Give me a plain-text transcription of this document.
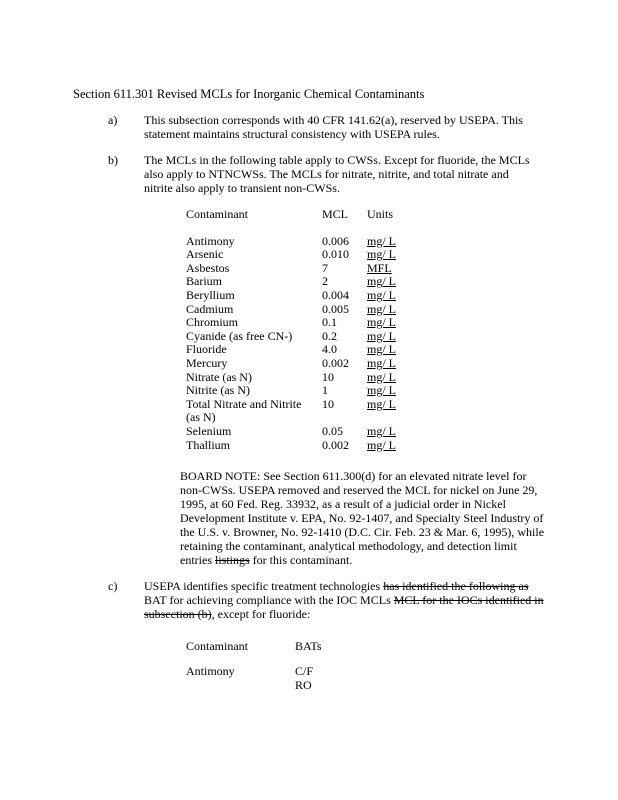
Section 611.301 Revised MCLs for Inorganic Chemical Contaminants
a)	This subsection corresponds with 40 CFR 141.62(a), reserved by USEPA. This statement maintains structural consistency with USEPA rules.
b)	The MCLs in the following table apply to CWSs. Except for fluoride, the MCLs also apply to NTNCWSs. The MCLs for nitrate, nitrite, and total nitrate and nitrite also apply to transient non-CWSs.
Contaminant	MCL Units
Antimony	0.006 mg/ L
Arsenic	0.010 mg/ L
Asbestos	7	MFL
Barium	2	mg/ L
Beryllium	0.004 mg/ L
Cadmium	0.005 mg/ L
Chromium	0.1	mg/ L
Cyanide (as free CN-) 0.2	mg/ L
Fluoride	4.0	mg/ L
Mercury	0.002 mg/ L
Nitrate (as N)	10	mg/ L
Nitrite (as N)	1	mg/ L
Total Nitrate and Nitrite 10	mg/ L
(as N)
Selenium	0.05 mg/ L
Thallium	0.002 mg/ L
BOARD NOTE: See Section 611.300(d) for an elevated nitrate level for non-CWSs. USEPA removed and reserved the MCL for nickel on June 29, 1995, at 60 Fed. Reg. 33932, as a result of a judicial order in Nickel Development Institute v. EPA, No. 92-1407, and Specialty Steel Industry of the U.S. v. Browner, No. 92-1410 (D.C. Cir. Feb. 23 & Mar. 6, 1995), while retaining the contaminant, analytical methodology, and detection limit entries listings for this contaminant.
c)	USEPA identifies specific treatment technologies has identified the following as BAT for achieving compliance with the IOC MCLs MCL for the IOCs identified in subsection (b), except for fluoride:
Contaminant	BATs
Antimony	C/F
RO
